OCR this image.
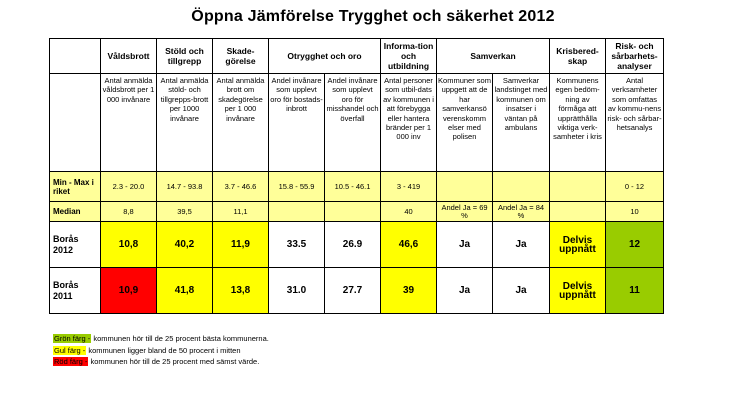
Öppna Jämförelse Trygghet och säkerhet 2012
	Våldsbrott	Stöld och tillgrepp	Skade-görelse	Otrygghet och oro		Informa-tion och utbildning	Samverkan		Krisbered-skap	Risk- och sårbarhets-analyser
	Antal anmälda våldsbrott per 1 000 invånare	Antal anmälda stöld- och tillgrepps-brott per 1000 invånare	Antal anmälda brott om skadegörelse per 1 000 invånare	Andel invånare som upplevt oro för bostads-inbrott	Andel invånare som upplevt oro för misshandel och överfall	Antal personer som utbil-dats av kommunen i att förebygga eller hantera bränder per 1 000 inv	Kommuner som uppgett att de har samverkansö verenskomm elser med polisen	Samverkar landstinget med kommunen om insatser i väntan på ambulans	Kommunens egen bedöm-ning av förmåga att upprätthålla viktiga verk-samheter i kris	Antal verksamheter som omfattas av kommu-nens risk- och sårbar-hetsanalys
Min - Max i riket	2.3 - 20.0	14.7 - 93.8	3.7 - 46.6	15.8 - 55.9	10.5 - 46.1	3 - 419				0 - 12
Median	8,8	39,5	11,1			40	Andel Ja = 69 %	Andel Ja = 84 %		10
Borås 2012	10,8	40,2	11,9	33.5	26.9	46,6	Ja	Ja	Delvis uppnått	12
Borås 2011	10,9	41,8	13,8	31.0	27.7	39	Ja	Ja	Delvis uppnått	11
Grön färg - kommunen hör till de 25 procent bästa kommunerna.
Gul färg - kommunen ligger bland de 50 procent i mitten
Röd färg - kommunen hör till de 25 procent med sämst värde.
